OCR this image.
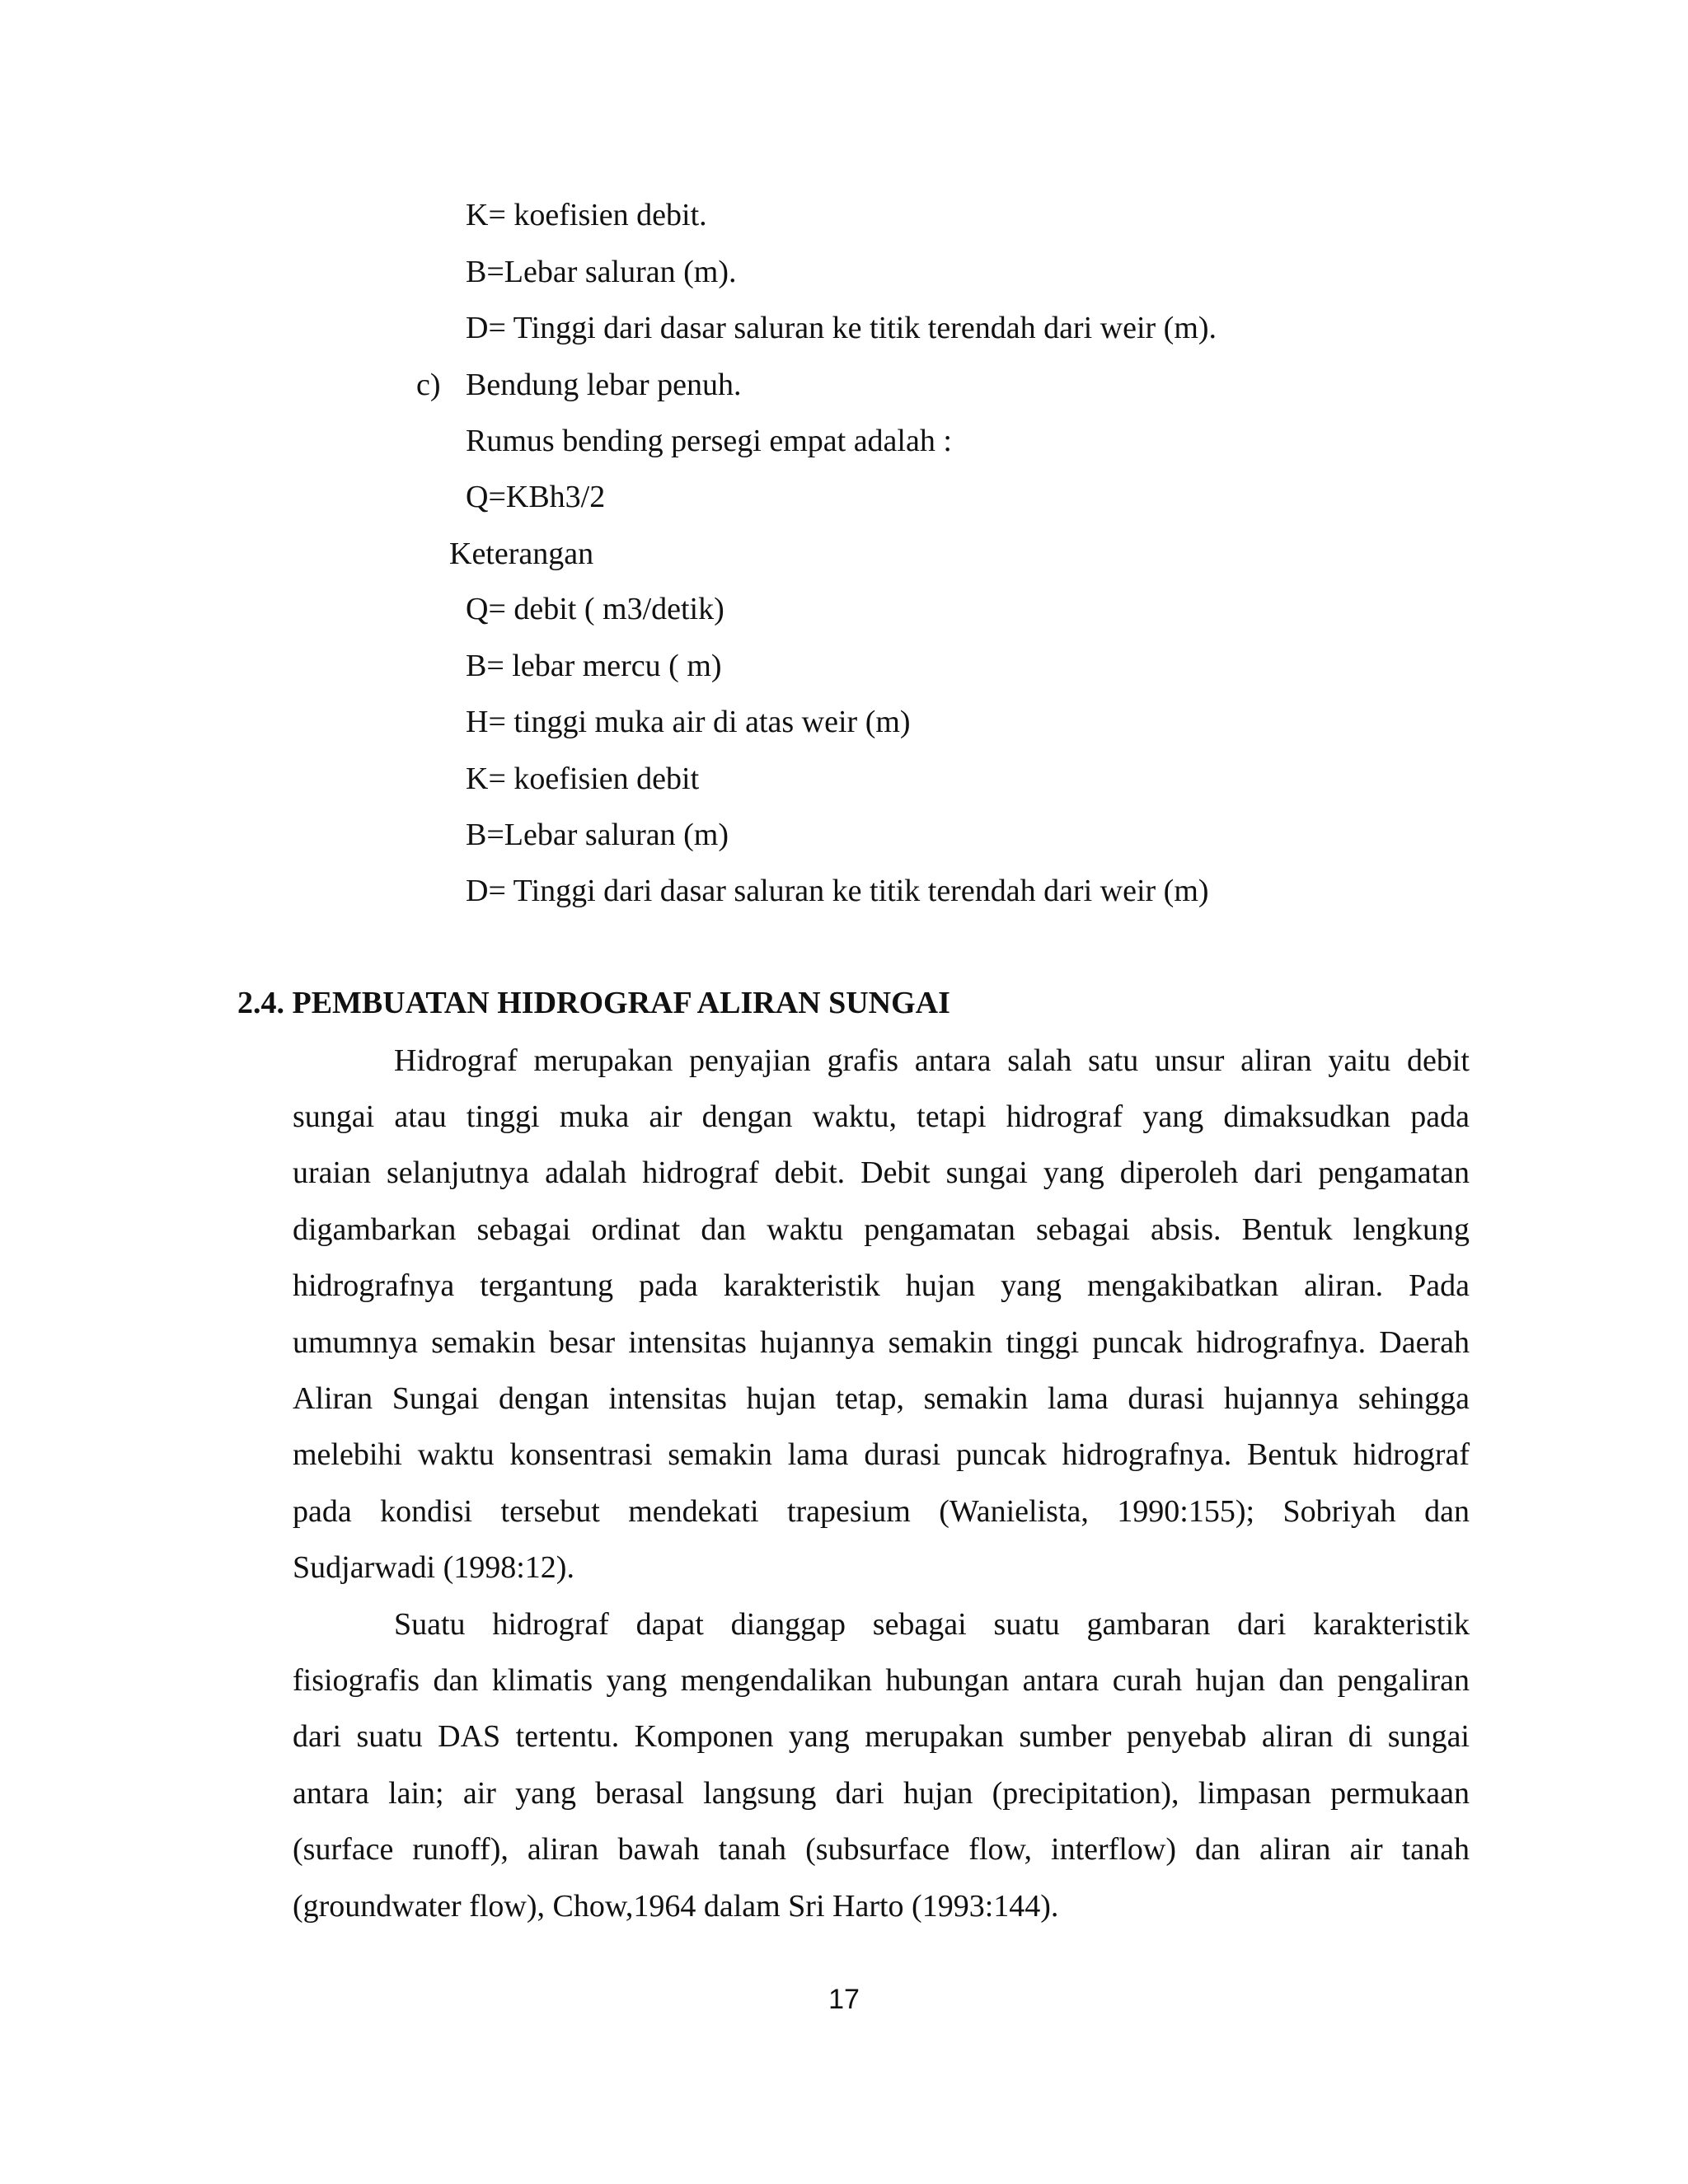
K= koefisien debit.
B=Lebar saluran (m).
D= Tinggi dari dasar saluran ke titik terendah dari weir (m).
c) Bendung lebar penuh.
Rumus bending persegi empat adalah :
Q=KBh3/2
Keterangan
Q= debit ( m3/detik)
B= lebar mercu ( m)
H= tinggi muka air di atas weir (m)
K= koefisien debit
B=Lebar saluran (m)
D= Tinggi dari dasar saluran ke titik terendah dari weir (m)
2.4. PEMBUATAN HIDROGRAF ALIRAN SUNGAI
Hidrograf merupakan penyajian grafis antara salah satu unsur aliran yaitu debit
sungai atau tinggi muka air dengan waktu, tetapi hidrograf yang dimaksudkan pada
uraian selanjutnya adalah hidrograf debit. Debit sungai yang diperoleh dari pengamatan
digambarkan sebagai ordinat dan waktu pengamatan sebagai absis. Bentuk lengkung
hidrografnya tergantung pada karakteristik hujan yang mengakibatkan aliran. Pada
umumnya semakin besar intensitas hujannya semakin tinggi puncak hidrografnya. Daerah
Aliran Sungai dengan intensitas hujan tetap, semakin lama durasi hujannya sehingga
melebihi waktu konsentrasi semakin lama durasi puncak hidrografnya. Bentuk hidrograf
pada kondisi tersebut mendekati trapesium (Wanielista, 1990:155); Sobriyah dan
Sudjarwadi (1998:12).
Suatu hidrograf dapat dianggap sebagai suatu gambaran dari karakteristik
fisiografis dan klimatis yang mengendalikan hubungan antara curah hujan dan pengaliran
dari suatu DAS tertentu. Komponen yang merupakan sumber penyebab aliran di sungai
antara lain; air yang berasal langsung dari hujan (precipitation), limpasan permukaan
(surface runoff), aliran bawah tanah (subsurface flow, interflow) dan aliran air tanah
(groundwater flow), Chow,1964 dalam Sri Harto (1993:144).
17
